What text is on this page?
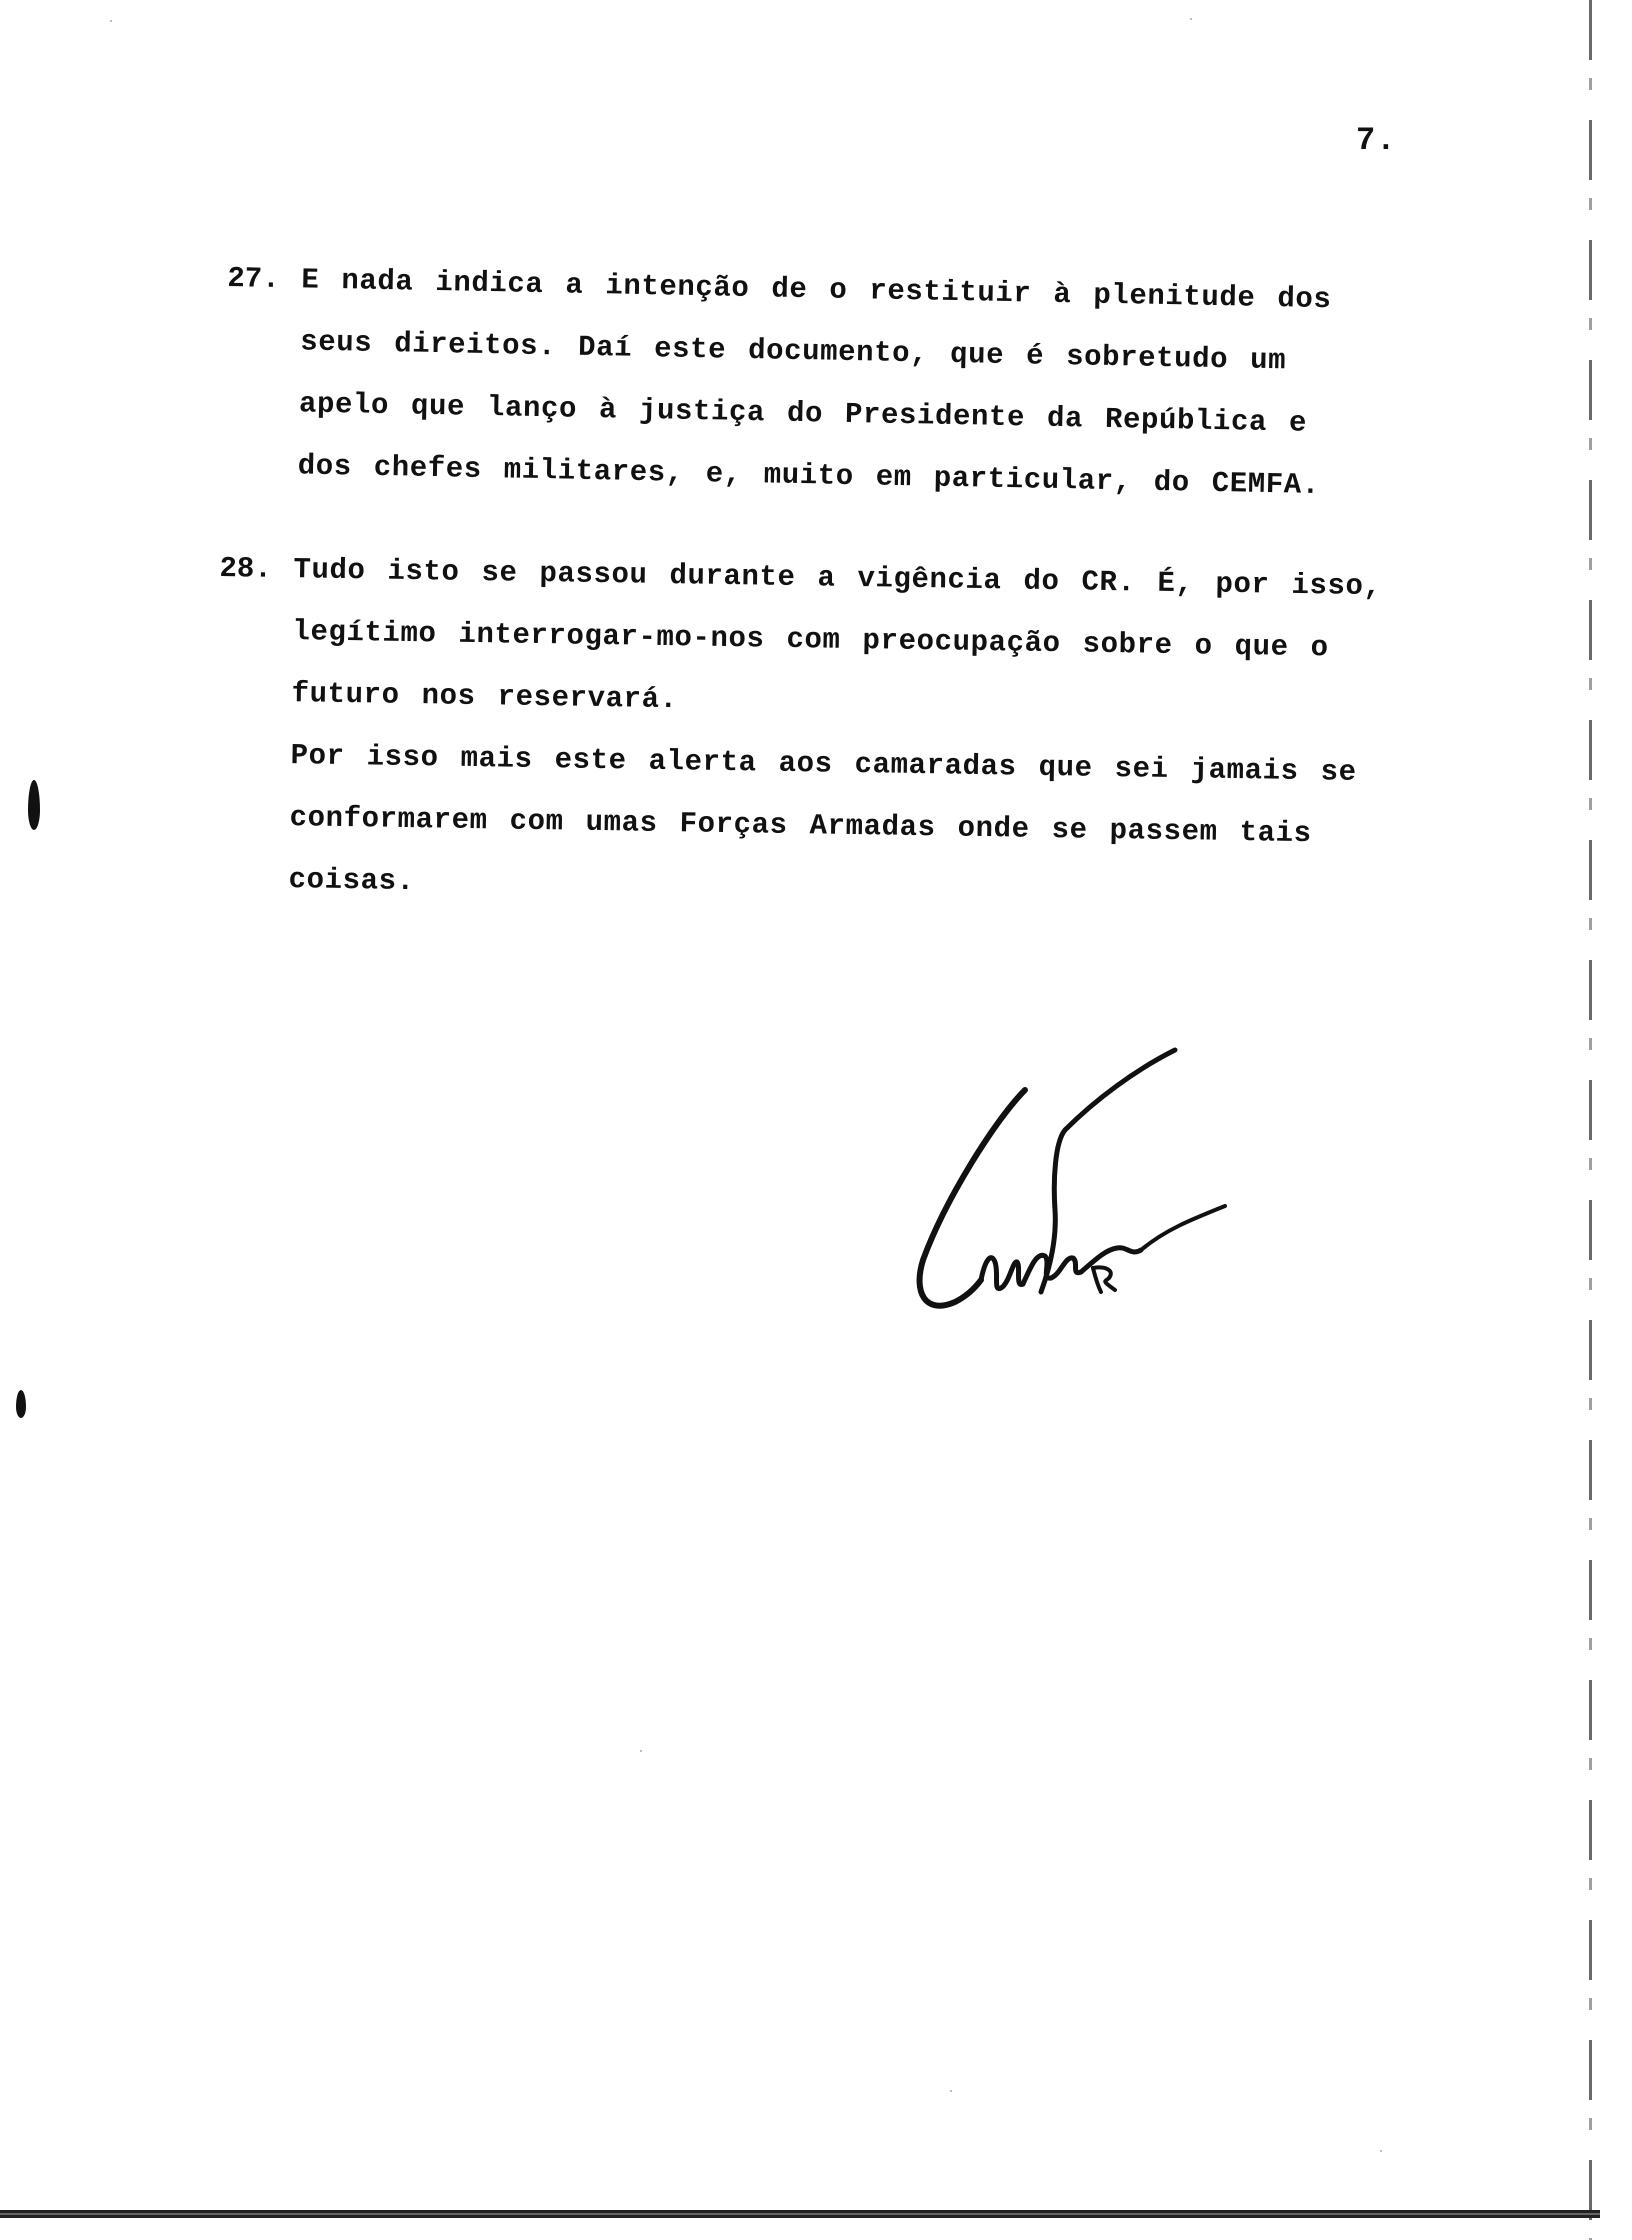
7.
27. E nada indica a intenção de o restituir à plenitude dos
seus direitos. Daí este documento, que é sobretudo um
apelo que lanço à justiça do Presidente da República e
dos chefes militares, e, muito em particular, do CEMFA.
28. Tudo isto se passou durante a vigência do CR. É, por isso,
legítimo interrogar-mo-nos com preocupação sobre o que o
futuro nos reservará.
Por isso mais este alerta aos camaradas que sei jamais se
conformarem com umas Forças Armadas onde se passem tais
coisas.
